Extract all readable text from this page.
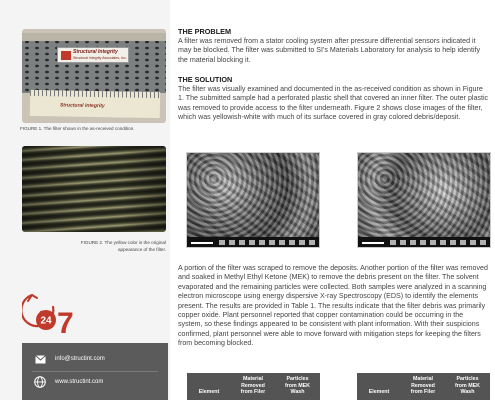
Structural Integrity
Structural Integrity Associates, Inc.
Structural Integrity
FIGURE 1. The filter shown in the as-received condition.
FIGURE 2. The yellow color is the original
appearance of the filter.
24 7
info@structint.com
www.structint.com
THE PROBLEM
A filter was removed from a stator cooling system after pressure differential sensors indicated it may be blocked. The filter was submitted to SI's Materials Laboratory for analysis to help identify the material blocking it.
THE SOLUTION
The filter was visually examined and documented in the as-received condition as shown in Figure 1. The submitted sample had a perforated plastic shell that covered an inner filter. The outer plastic was removed to provide access to the filter underneath. Figure 2 shows close images of the filter, which was yellowish-white with much of its surface covered in gray colored debris/deposit.
A portion of the filter was scraped to remove the deposits. Another portion of the filter was removed and soaked in Methyl Ethyl Ketone (MEK) to remove the debris present on the filter. The solvent evaporated and the remaining particles were collected. Both samples were analyzed in a scanning electron microscope using energy dispersive X-ray Spectroscopy (EDS) to identify the elements present. The results are provided in Table 1. The results indicate that the filter debris was primarily copper oxide. Plant personnel reported that copper contamination could be occurring in the system, so these findings appeared to be consistent with plant information. With their suspicions confirmed, plant personnel were able to move forward with mitigation steps for keeping the filters from becoming blocked.
Element
Material
Removed
from Filer
Particles
from MEK
Wash	Element
Material
Removed
from Filer
Particles
from MEK
Wash
